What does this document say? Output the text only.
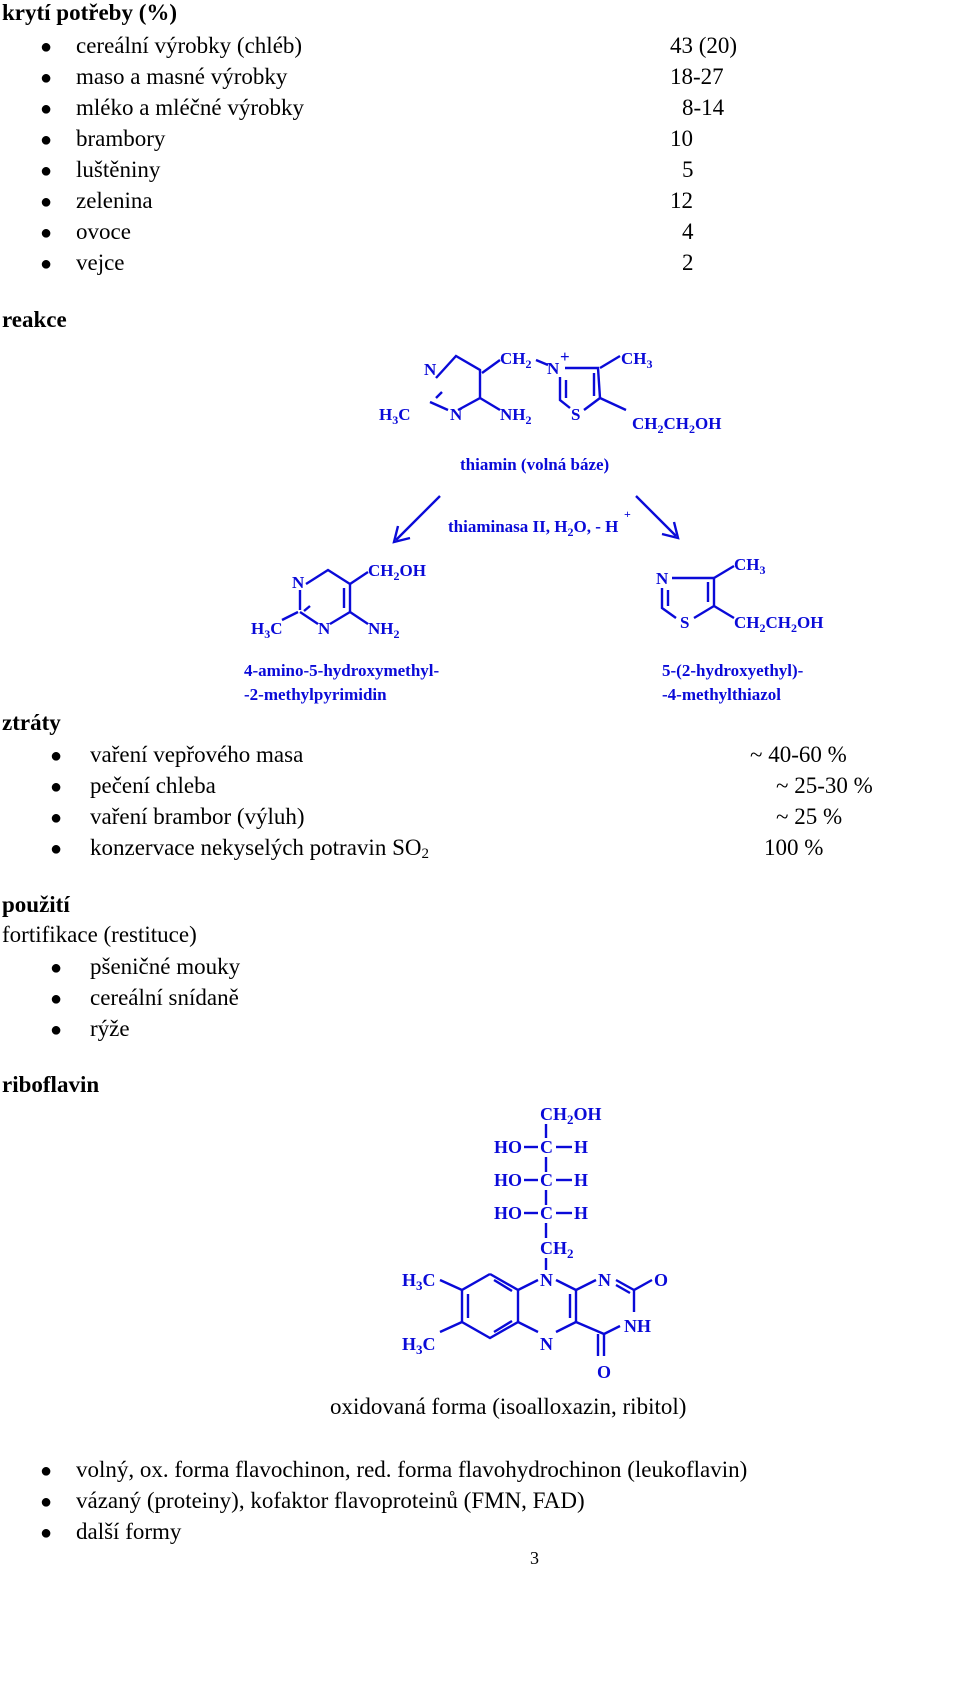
krytí potřeby (%)
● cereální výrobky (chléb)	43 (20)
● maso a masné výrobky	18-27
● mléko a mléčné výrobky	8-14
● brambory	10
● luštěniny	5
● zelenina	12
● ovoce	4
● vejce	2
reakce
N
$H_3C$ N $NH_2$
$CH_2$ N
+	$CH_3$
S	$CH_2CH_2OH$
thiamin (volná báze)
thiaminasa II, $H_2O$, - H
+
N
$H_3C$ N $NH_2$
$CH_2OH$	N
S
$CH_3$
$CH_2CH_2OH$
4-amino-5-hydroxymethyl-
-2-methylpyrimidin
5-(2-hydroxyethyl)-
-4-methylthiazol
ztráty
● vaření vepřového masa	~ 40-60 %
● pečení chleba	~ 25-30 %
● vaření brambor (výluh)	~ 25 %
● konzervace nekyselých potravin $SO_2$	100 %
použití
fortifikace (restituce)
● pšeničné mouky
● cereální snídaně
● rýže
riboflavin
$CH_2OH$
HO C H
HO C H
HO C H
$CH_2$
$H_3C$
$H_3C$
N
N
N O
NH
O
oxidovaná forma (isoalloxazin, ribitol)
● volný, ox. forma flavochinon, red. forma flavohydrochinon (leukoflavin)
● vázaný (proteiny), kofaktor flavoproteinů (FMN, FAD)
● další formy
3
